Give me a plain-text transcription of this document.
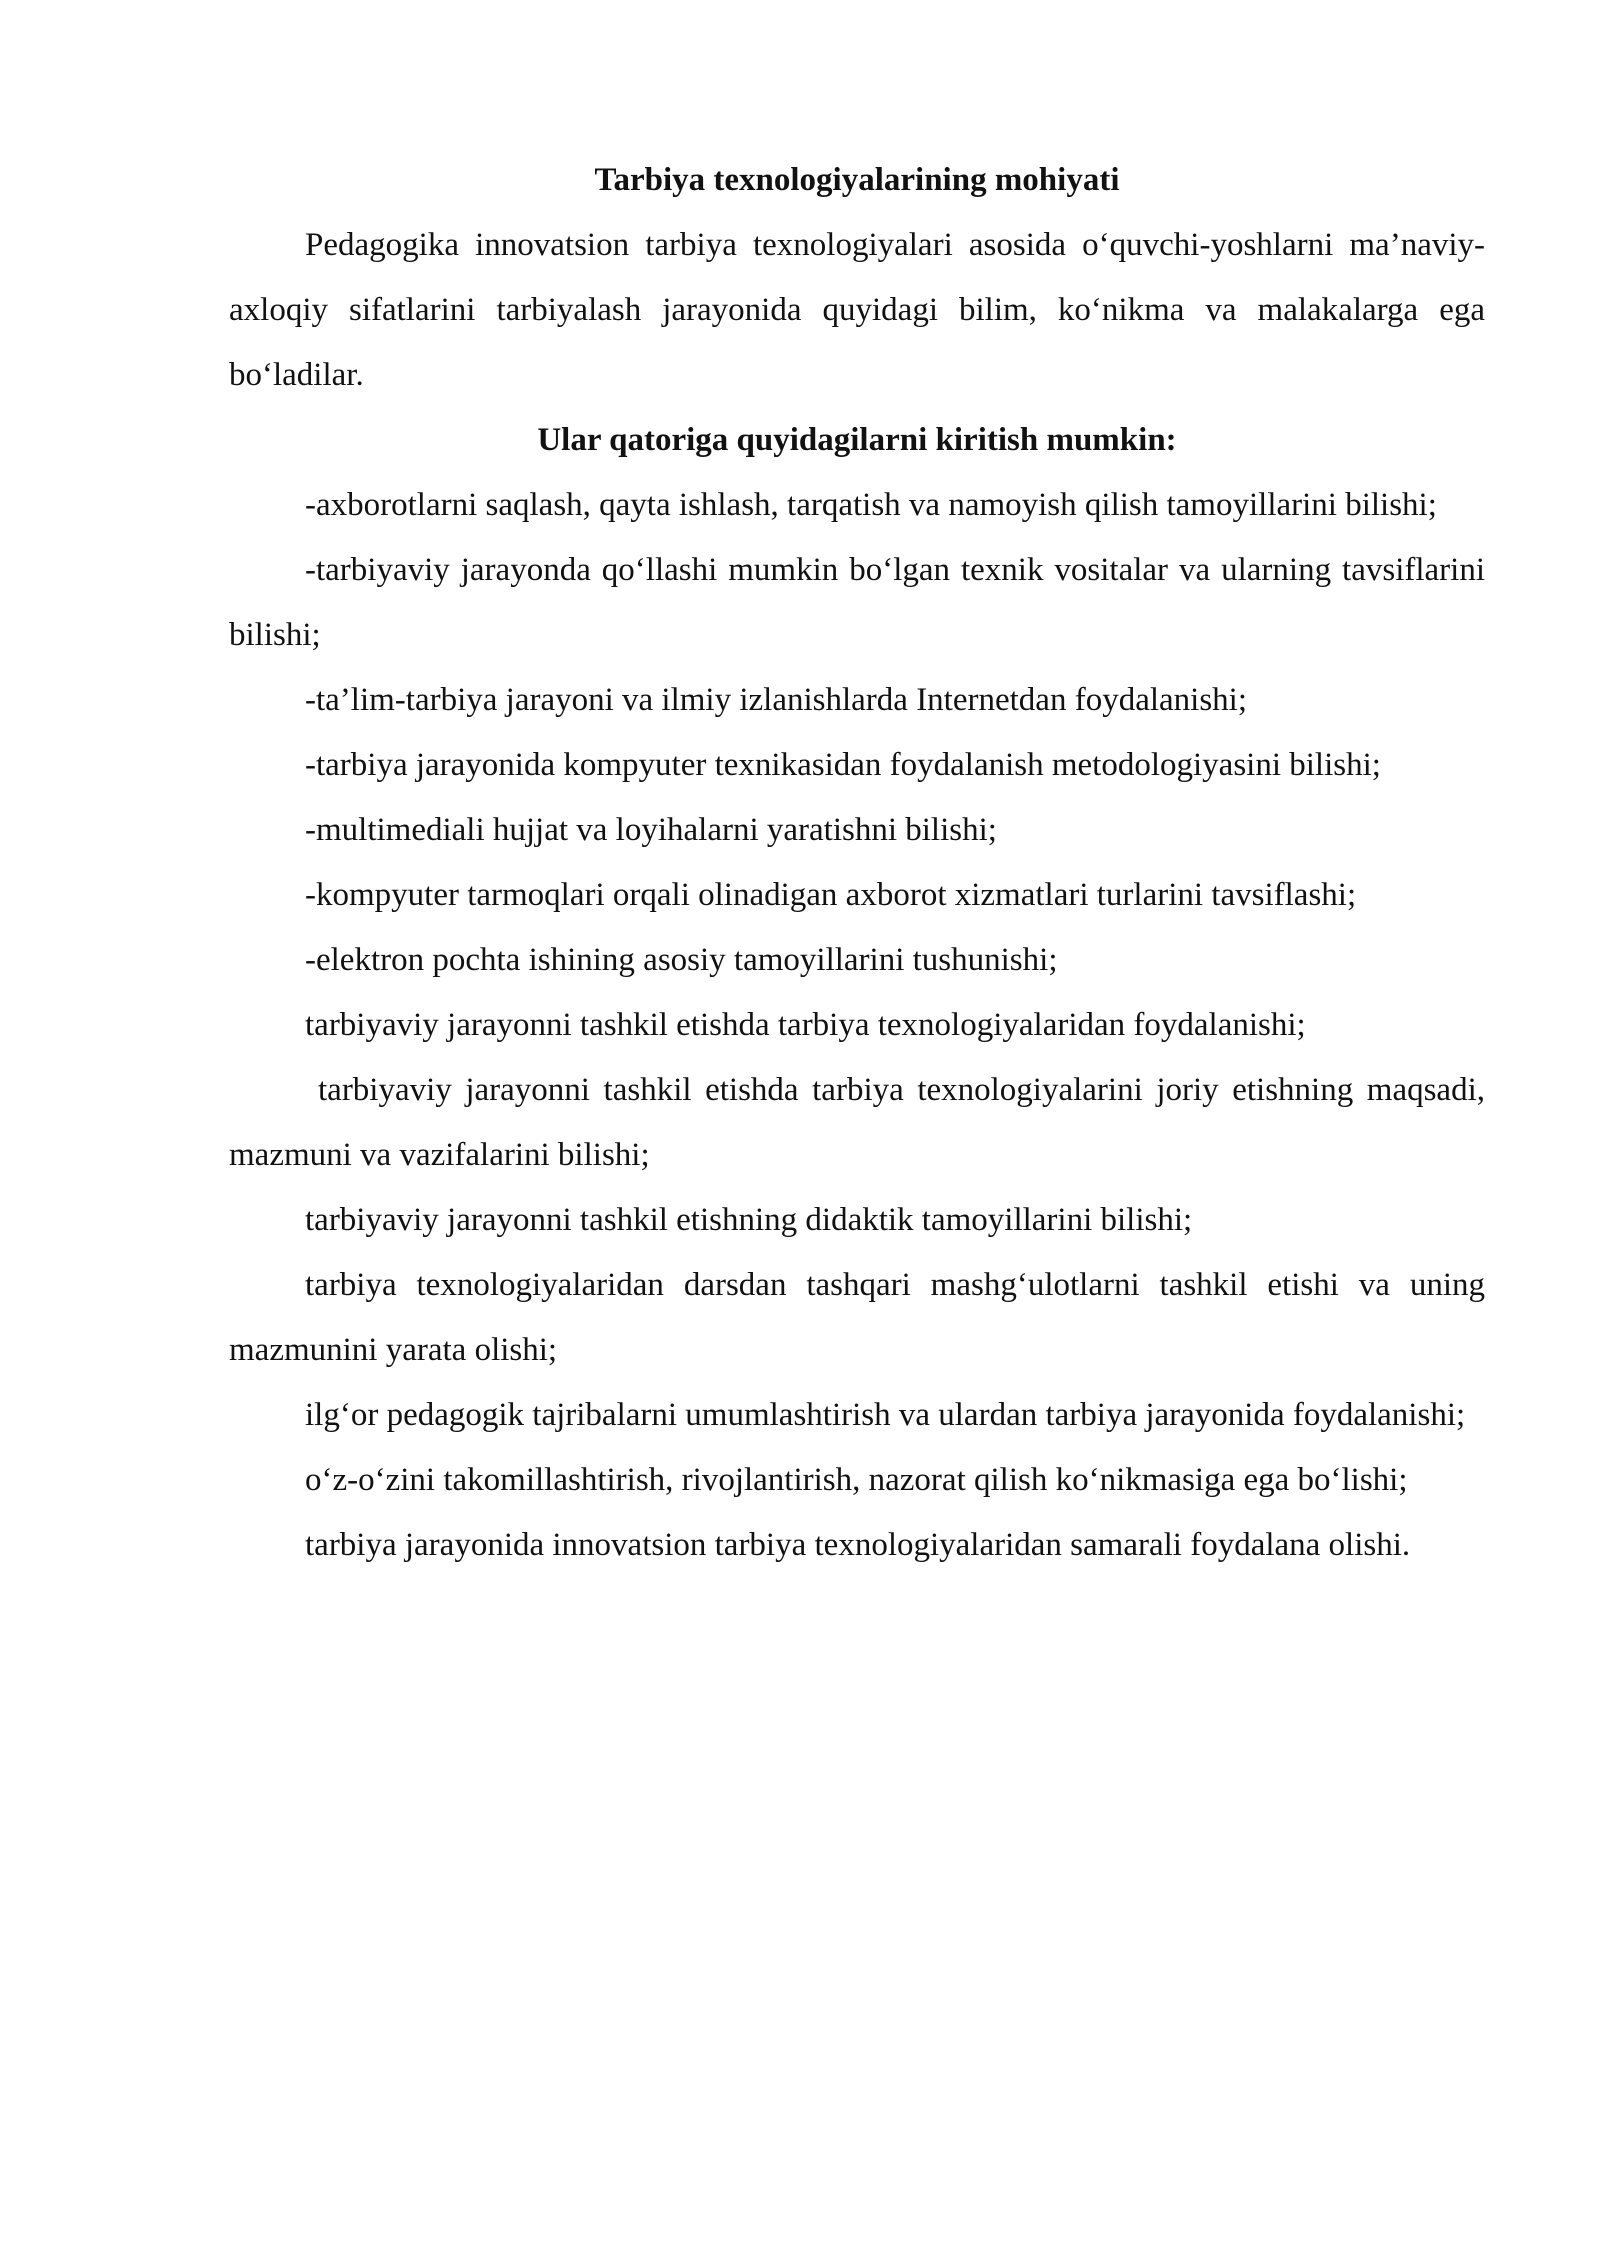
Tarbiya texnologiyalarining mohiyati

Pedagogika innovatsion tarbiya texnologiyalari asosida o‘quvchi-yoshlarni ma’naviy-axloqiy sifatlarini tarbiyalash jarayonida quyidagi bilim, ko‘nikma va malakalarga ega bo‘ladilar.

Ular qatoriga quyidagilarni kiritish mumkin:

-axborotlarni saqlash, qayta ishlash, tarqatish va namoyish qilish tamoyillarini bilishi;

-tarbiyaviy jarayonda qo‘llashi mumkin bo‘lgan texnik vositalar va ularning tavsiflarini bilishi;

-ta’lim-tarbiya jarayoni va ilmiy izlanishlarda Internetdan foydalanishi;

-tarbiya jarayonida kompyuter texnikasidan foydalanish metodologiyasini bilishi;

-multimediali hujjat va loyihalarni yaratishni bilishi;

-kompyuter tarmoqlari orqali olinadigan axborot xizmatlari turlarini tavsiflashi;

-elektron pochta ishining asosiy tamoyillarini tushunishi;

tarbiyaviy jarayonni tashkil etishda tarbiya texnologiyalaridan foydalanishi;

tarbiyaviy jarayonni tashkil etishda tarbiya texnologiyalarini joriy etishning maqsadi, mazmuni va vazifalarini bilishi;

tarbiyaviy jarayonni tashkil etishning didaktik tamoyillarini bilishi;

tarbiya texnologiyalaridan darsdan tashqari mashg‘ulotlarni tashkil etishi va uning mazmunini yarata olishi;

ilg‘or pedagogik tajribalarni umumlashtirish va ulardan tarbiya jarayonida foydalanishi;

o‘z-o‘zini takomillashtirish, rivojlantirish, nazorat qilish ko‘nikmasiga ega bo‘lishi;

tarbiya jarayonida innovatsion tarbiya texnologiyalaridan samarali foydalana olishi.
